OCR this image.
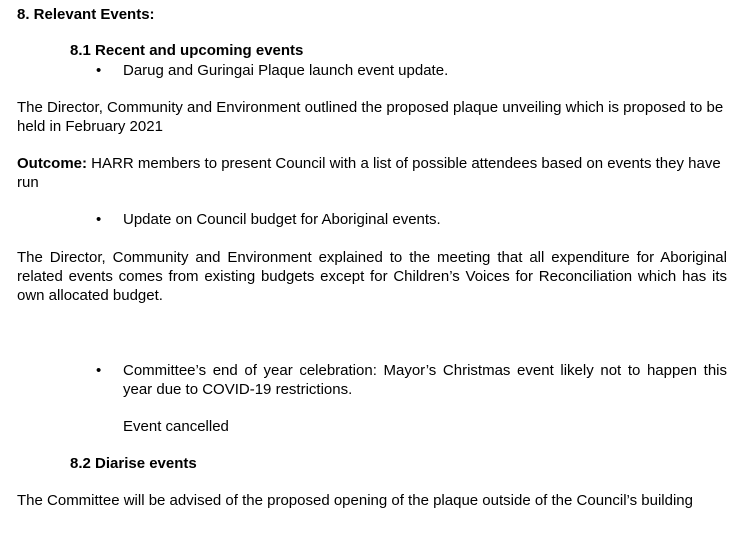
8. Relevant Events:
8.1 Recent and upcoming events
• Darug and Guringai Plaque launch event update.
The Director, Community and Environment outlined the proposed plaque unveiling which is proposed to be held in February 2021
Outcome: HARR members to present Council with a list of possible attendees based on events they have run
• Update on Council budget for Aboriginal events.
The Director, Community and Environment explained to the meeting that all expenditure for Aboriginal related events comes from existing budgets except for Children’s Voices for Reconciliation which has its own allocated budget.
• Committee’s end of year celebration: Mayor’s Christmas event likely not to happen this year due to COVID-19 restrictions.
Event cancelled
8.2 Diarise events
The Committee will be advised of the proposed opening of the plaque outside of the Council’s building
